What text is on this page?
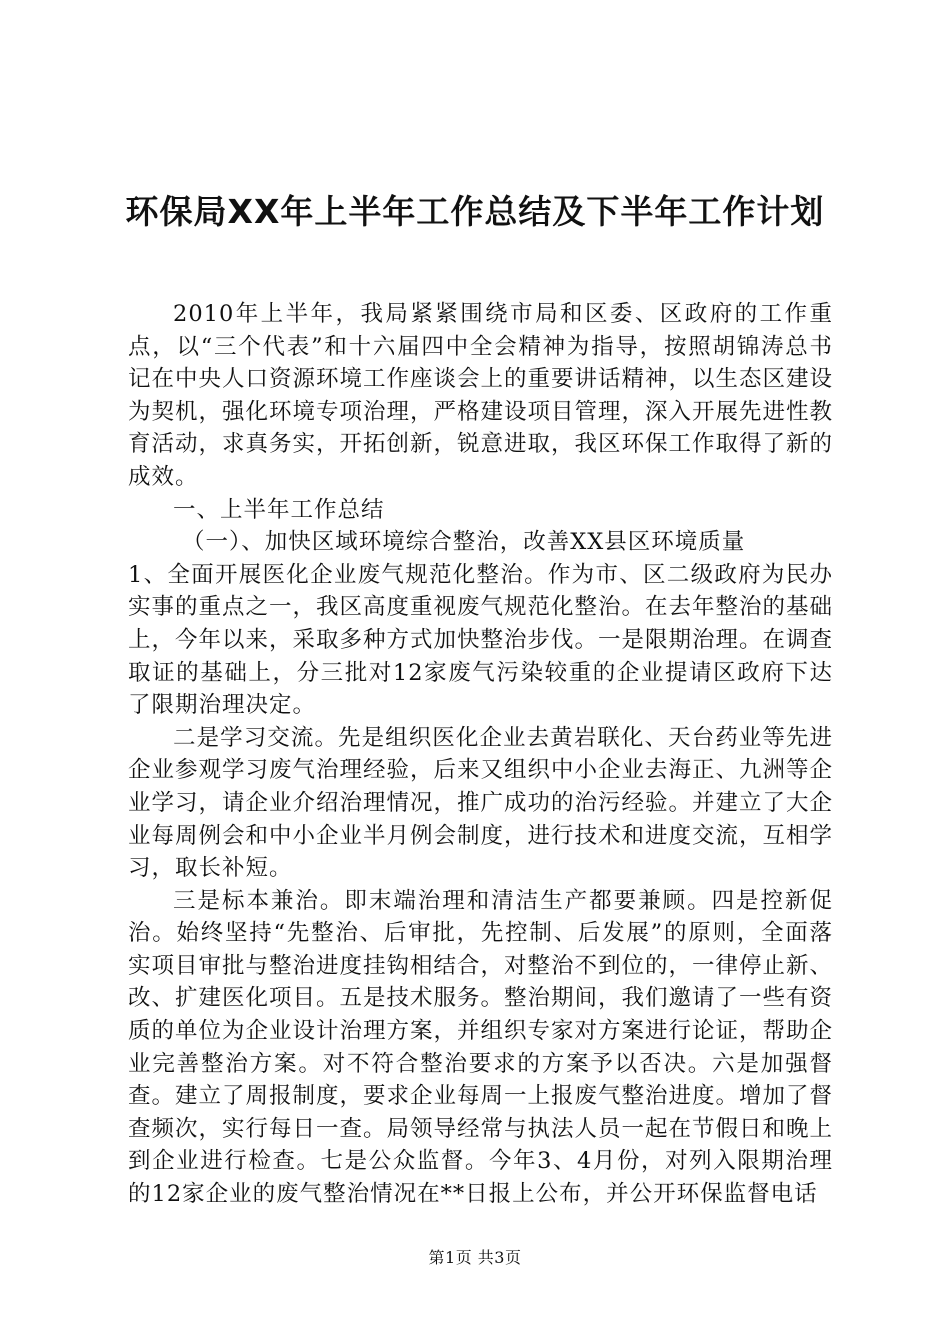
环保局XX年上半年工作总结及下半年工作计划

2010年上半年，我局紧紧围绕市局和区委、区政府的工作重点，以“三个代表”和十六届四中全会精神为指导，按照胡锦涛总书记在中央人口资源环境工作座谈会上的重要讲话精神，以生态区建设为契机，强化环境专项治理，严格建设项目管理，深入开展先进性教育活动，求真务实，开拓创新，锐意进取，我区环保工作取得了新的成效。

一、上半年工作总结

（一）、加快区域环境综合整治，改善XX县区环境质量

1、全面开展医化企业废气规范化整治。作为市、区二级政府为民办实事的重点之一，我区高度重视废气规范化整治。在去年整治的基础上，今年以来，采取多种方式加快整治步伐。一是限期治理。在调查取证的基础上，分三批对12家废气污染较重的企业提请区政府下达了限期治理决定。

二是学习交流。先是组织医化企业去黄岩联化、天台药业等先进企业参观学习废气治理经验，后来又组织中小企业去海正、九洲等企业学习，请企业介绍治理情况，推广成功的治污经验。并建立了大企业每周例会和中小企业半月例会制度，进行技术和进度交流，互相学习，取长补短。

三是标本兼治。即末端治理和清洁生产都要兼顾。四是控新促治。始终坚持“先整治、后审批，先控制、后发展”的原则，全面落实项目审批与整治进度挂钩相结合，对整治不到位的，一律停止新、改、扩建医化项目。五是技术服务。整治期间，我们邀请了一些有资质的单位为企业设计治理方案，并组织专家对方案进行论证，帮助企业完善整治方案。对不符合整治要求的方案予以否决。六是加强督查。建立了周报制度，要求企业每周一上报废气整治进度。增加了督查频次，实行每日一查。局领导经常与执法人员一起在节假日和晚上到企业进行检查。七是公众监督。今年3、4月份，对列入限期治理的12家企业的废气整治情况在**日报上公布，并公开环保监督电话

第1页 共3页
